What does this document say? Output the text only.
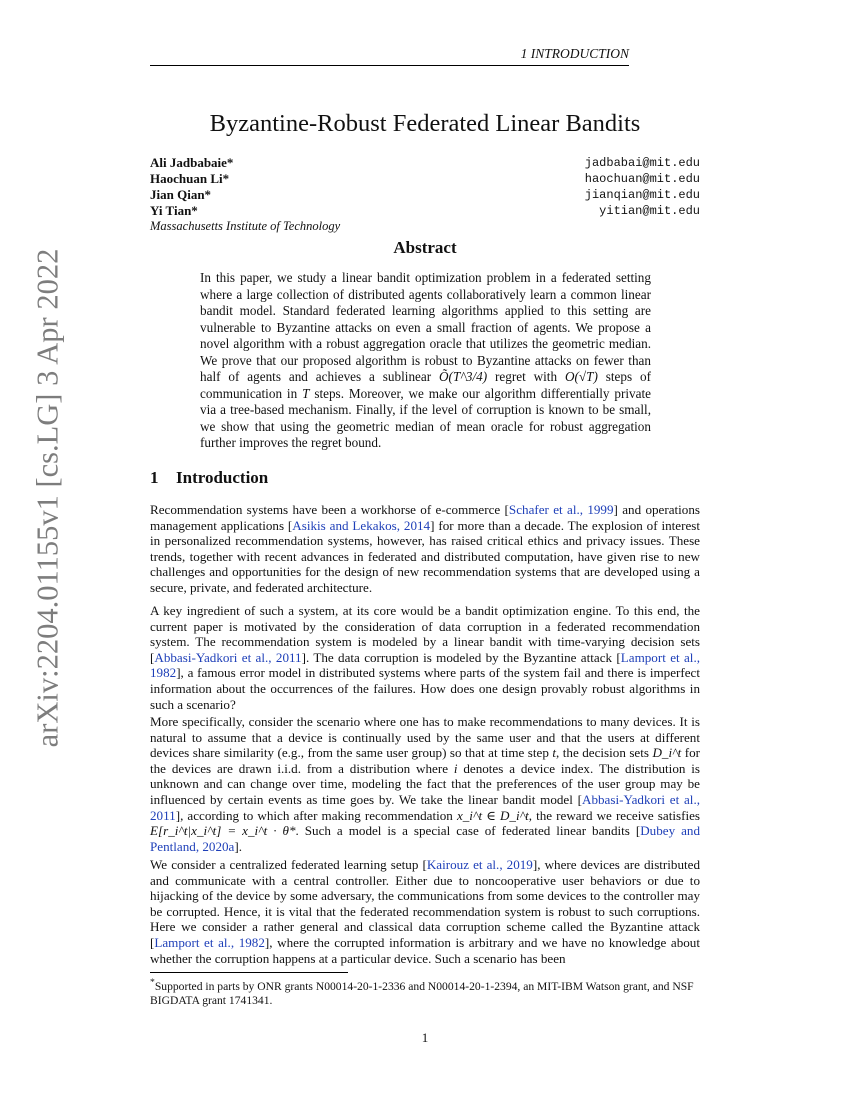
1 INTRODUCTION
Byzantine-Robust Federated Linear Bandits
Ali Jadbabaie*
Haochuan Li*
Jian Qian*
Yi Tian*
Massachusetts Institute of Technology
jadbabai@mit.edu
haochuan@mit.edu
jianqian@mit.edu
yitian@mit.edu
Abstract
In this paper, we study a linear bandit optimization problem in a federated setting where a large collection of distributed agents collaboratively learn a common linear bandit model. Standard federated learning algorithms applied to this setting are vulnerable to Byzantine attacks on even a small fraction of agents. We propose a novel algorithm with a robust aggregation oracle that utilizes the geometric median. We prove that our proposed algorithm is robust to Byzantine attacks on fewer than half of agents and achieves a sublinear Õ(T^3/4) regret with O(√T) steps of communication in T steps. Moreover, we make our algorithm differentially private via a tree-based mechanism. Finally, if the level of corruption is known to be small, we show that using the geometric median of mean oracle for robust aggregation further improves the regret bound.
1 Introduction
Recommendation systems have been a workhorse of e-commerce [Schafer et al., 1999] and operations management applications [Asikis and Lekakos, 2014] for more than a decade. The explosion of interest in personalized recommendation systems, however, has raised critical ethics and privacy issues. These trends, together with recent advances in federated and distributed computation, have given rise to new challenges and opportunities for the design of new recommendation systems that are developed using a secure, private, and federated architecture.
A key ingredient of such a system, at its core would be a bandit optimization engine. To this end, the current paper is motivated by the consideration of data corruption in a federated recommendation system. The recommendation system is modeled by a linear bandit with time-varying decision sets [Abbasi-Yadkori et al., 2011]. The data corruption is modeled by the Byzantine attack [Lamport et al., 1982], a famous error model in distributed systems where parts of the system fail and there is imperfect information about the occurrences of the failures. How does one design provably robust algorithms in such a scenario?
More specifically, consider the scenario where one has to make recommendations to many devices. It is natural to assume that a device is continually used by the same user and that the users at different devices share similarity (e.g., from the same user group) so that at time step t, the decision sets D_i^t for the devices are drawn i.i.d. from a distribution where i denotes a device index. The distribution is unknown and can change over time, modeling the fact that the preferences of the user group may be influenced by certain events as time goes by. We take the linear bandit model [Abbasi-Yadkori et al., 2011], according to which after making recommendation x_i^t ∈ D_i^t, the reward we receive satisfies E[r_i^t|x_i^t] = x_i^t · θ*. Such a model is a special case of federated linear bandits [Dubey and Pentland, 2020a].
We consider a centralized federated learning setup [Kairouz et al., 2019], where devices are distributed and communicate with a central controller. Either due to noncooperative user behaviors or due to hijacking of the device by some adversary, the communications from some devices to the controller may be corrupted. Hence, it is vital that the federated recommendation system is robust to such corruptions. Here we consider a rather general and classical data corruption scheme called the Byzantine attack [Lamport et al., 1982], where the corrupted information is arbitrary and we have no knowledge about whether the corruption happens at a particular device. Such a scenario has been
*Supported in parts by ONR grants N00014-20-1-2336 and N00014-20-1-2394, an MIT-IBM Watson grant, and NSF BIGDATA grant 1741341.
1
arXiv:2204.01155v1 [cs.LG] 3 Apr 2022
